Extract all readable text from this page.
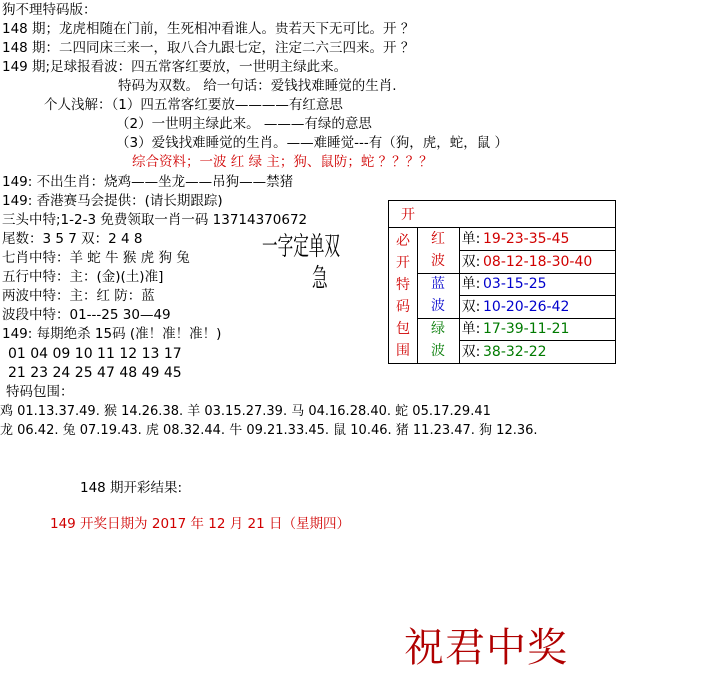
狗不理特码版：
148 期；龙虎相随在门前，生死相冲看谁人。贵若天下无可比。开 ？
148 期：二四同床三来一，取八合九跟七定，注定二六三四来。开 ？
149 期;足球报看波：四五常客红要放，一世明主绿此来。
特码为双数。 给一句话：爱钱找难睡觉的生肖.
个人浅解：（1）四五常客红要放————有红意思
（2）一世明主绿此来。 ———有绿的意思
（3）爱钱找难睡觉的生肖。——难睡觉---有（狗，虎，蛇，鼠 ）
综合资料；一波 红 绿 主；狗、鼠防；蛇 ？？？？
149: 不出生肖：烧鸡——坐龙——吊狗——禁猪
149: 香港赛马会提供：(请长期跟踪)
三头中特;1-2-3 免费领取一肖一码 13714370672
尾数：3 5 7 双：2 4 8
七肖中特：羊 蛇 牛 猴 虎 狗 兔
五行中特：主：(金)(土)准]
两波中特：主：红 防：蓝
波段中特：01---25 30—49
149: 每期绝杀 15码 (准！准！准！)
01 04 09 10 11 12 13 17
21 23 24 25 47 48 49 45
特码包围：
鸡 01.13.37.49. 猴 14.26.38. 羊 03.15.27.39. 马 04.16.28.40. 蛇 05.17.29.41
龙 06.42. 兔 07.19.43. 虎 08.32.44. 牛 09.21.33.45. 鼠 10.46. 猪 11.23.47. 狗 12.36.
一字定单双
急
开
必开特码包围
红波
蓝波
绿波
单: 19-23-35-45
双: 08-12-18-30-40
单: 03-15-25
双: 10-20-26-42
单: 17-39-11-21
双: 38-32-22
148 期开彩结果:
149 开奖日期为 2017 年 12 月 21 日（星期四）
祝君中奖
